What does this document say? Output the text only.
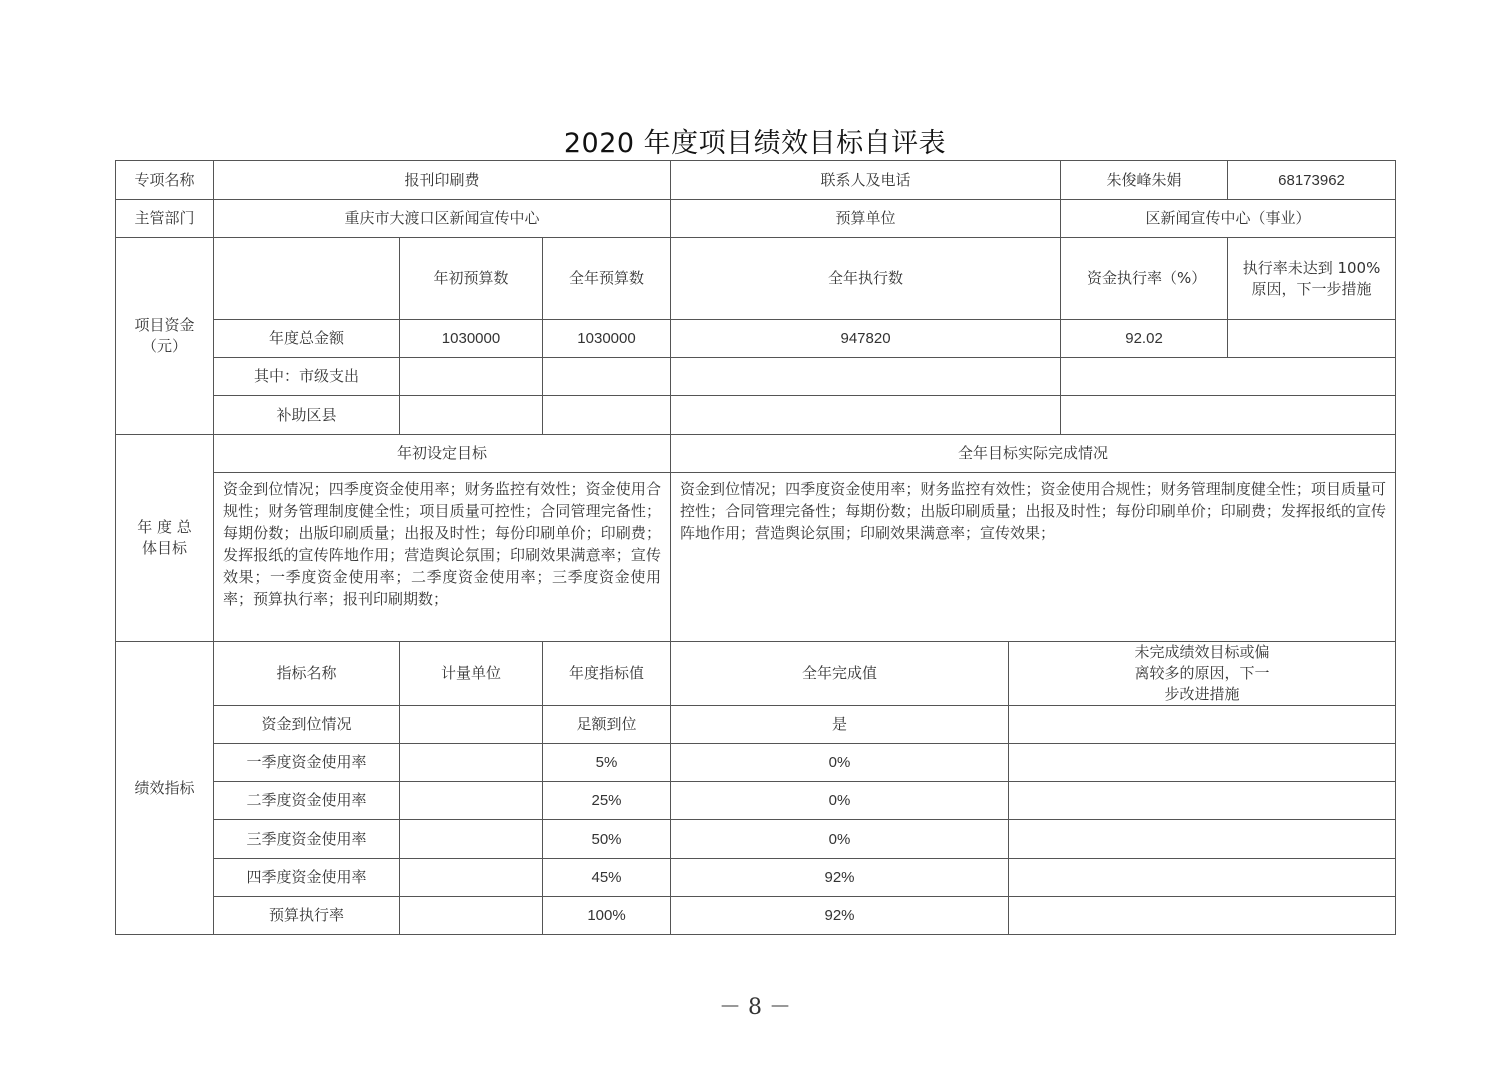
2020 年度项目绩效目标自评表
专项名称	报刊印刷费			联系人及电话		朱俊峰朱娟	68173962
主管部门	重庆市大渡口区新闻宣传中心			预算单位		区新闻宣传中心（事业）	
项目资金（元）		年初预算数	全年预算数	全年执行数		资金执行率（%）	执行率未达到 100% 原因，下一步措施
	年度总金额	1030000	1030000	947820		92.02	
	其中：市级支出						
	补助区县						
年 度 总体目标	年初设定目标			全年目标实际完成情况			
	资金到位情况；四季度资金使用率；财务监控有效性；资金使用合规性；财务管理制度健全性；项目质量可控性；合同管理完备性；每期份数；出版印刷质量；出报及时性；每份印刷单价；印刷费；发挥报纸的宣传阵地作用；营造舆论氛围；印刷效果满意率；宣传效果；一季度资金使用率；二季度资金使用率；三季度资金使用率；预算执行率；报刊印刷期数；			资金到位情况；四季度资金使用率；财务监控有效性；资金使用合规性；财务管理制度健全性；项目质量可控性；合同管理完备性；每期份数；出版印刷质量；出报及时性；每份印刷单价；印刷费；发挥报纸的宣传阵地作用；营造舆论氛围；印刷效果满意率；宣传效果；			
绩效指标	指标名称	计量单位	年度指标值	全年完成值	未完成绩效目标或偏离较多的原因，下一步改进措施		
	资金到位情况		足额到位	是			
	一季度资金使用率		5%	0%			
	二季度资金使用率		25%	0%			
	三季度资金使用率		50%	0%			
	四季度资金使用率		45%	92%			
	预算执行率		100%	92%			
－ 8 －
